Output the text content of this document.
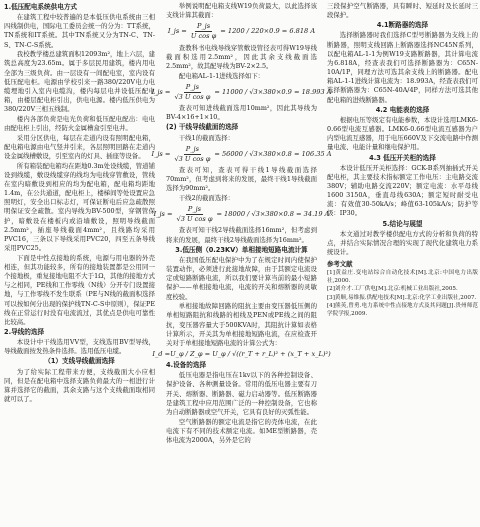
1.低压配电系统供电方式

在建筑工程中较普遍的是本低压供电系统由三相四线制供电，国际电工委员会统一的分为：TT系统，TN系统和IT系统。其中TN系统又分为TN-C、TN-S、TN-C-S系统。

我校教学楼总建筑面积12093m²，地上六层，建筑总高度为23.65m。属于多层民用建筑，楼内用电全部为三级负荷。由一层设有一间配电室，室内设有低压配电柜。电源由学校引来一路380/220V电力电缆埋地引入室内电缆沟，楼内每层电井设低压配电箱，由楼层配电柜引出，供电电源。楼内低压供电为380/220V三相五线制。

楼内各部负荷是电光负荷和低压配电配出：电电由配电柜上引出，经防火金属槽盒引至电井。

采用分区供电，每层在走道内设有照明配电箱，配电箱电源由电气竖井引来，各层照明回路在走道内设金属线槽敷设，引至室内的灯具、插座等设备。

所有箱装配电箱均在距地0.3m处设线缆，管道铺设到线缆，敷设线缆穿的线均为电线穿管敷设，管线在室内暗敷设到相应的均为配电箱，配电箱均距地1.4m，在公共通道，配电柜上，楼梯间等处设置应急照明灯，安全出口标志灯，可保证断电后应急疏散照明保证安全疏散。室内导线为BV-500型，穿钢管保护，暗敷设在楼板内或沿墙敷设，照明导线截面2.5mm²，插座导线截面4mm²，且线路均采用PVC16，三条以下导线采用PVC20，四至五条导线采用PVC25。

下面是中性点接地的系统，电源与用电器的外壳相连，但其功能较多，所有的接地装置都是公用同一个接地极，重复接地电阻不大于1Ω，其他的接地方式与之相同，PE线和工作零线（N线）分开专门设置接地，与工作零线不发生联系（PE与N线的截面积选择可以按如何分出现的保护线TN-C-S中原则），保证PE线在正常运行时没有电流流过，其优点是供电可靠性比较高。

2.导线的选择

本设计中干线选用VV型，支线选用BV型导线，导线截面按发热条件选择。选用低压电缆。

（1）支线导线截面选择

为了给实际工程带来方便，支线截面大小应相同，但是在配电箱中选择支路负荷最大的一相进行计算并选择它的截面，其余支路与这个支线截面取相同就可以了。

举例说明配电箱支线W19负荷最大，以此选择该支线计算其截面：

I_js = $\frac{P\_js}{\text{U cos φ}} = 1200 / 220\times 0.9 = 6.818$ A

查教科书电线导线穿管敷设管径表可得W19导线截面积选用2.5mm²，因此其余支线截面选2.5mm²，故其配导线为BV-2×2.5。

配电箱AL-1-1进线选择如下：

I_js = $\frac{P\_js}{\text{√3 U cos φ}} = 11000 / √3\times 380\times 0.9 = 18.993$ A

查表可知进线截面选用10mm²，因此其导线为BV-4×16+1×10。

(2) 干线导线截面的选择

干线1的截面选择：

I_js = $\frac{P\_js}{\text{√3 U cos φ}} = 56000 / √3\times 380\times 0.8 = 106.35$ A

查表可知，查表可得干线1导线截面选择70mm²，但考虑到将来的发展，最终干线1导线截面选择为90mm²。

干线2的截面选择：

I_js = $\frac{P\_js}{\text{√3 U cos φ}} = 18000 / √3\times 380\times 0.8 = 34.19$ A

查表可知干线2导线截面选择16mm²，但考虑到将来的发展，最终干线2导线截面选择为16mm²。

3.低压侧（0.23KV）单相接地短路电流计算

在我国低压配电保护中为了在规定时间内使保护装置动作，必须进行此接地故障，由于其额定电流设定或短路断路电流，所以我们要计算当前的最小短路保护——单相接地电流，电流的开关和熔断器的灵敏度校验。

单相接地故障回路的阻抗主要由变压器低压侧的单相短路阻抗和线路的相线及PEN或PE线之间的阻抗，变压器容量大于500KVA时，其阻抗计算如表格计算所示，开关其为单相接地短路电流，在应检查开关对于单相接地短路电流的计算公式为：

I_d = U_φ / Z_φ = U_φ / √((r_T + r_L)² + (x_T + x_L)²)
4.设备的选择

低压电器是指电压在1kv以下的各种控制设备、保护设备、各种测量设备。常用的低压电器主要有刀开关、熔断器、断路器、磁力启动器等。低压断路器是建筑工程中应用范围广泛的一种控制设备，它也称为自动断路器或空气开关，它具有良好的灭弧性能。

空气断路器的额定电流是指它的壳体电流，在此电流下有不同的技术额定电流。如ME型断路器，壳体电流为2000A，另外是它的

三段保护空气断路器，具有瞬时、短延时及长延时三段保护。

4.1断路器的选择

选择断路器时我们选择C型号断路器为支线上的断路器，照明支线回路上断路器选择NC45N系列，以配电箱AL-1-1为例W19支路断路器，其计算电流为6.818A，经查表我们可选择断路器为：C65N-10A/1P，同理方法可选其余支线上的断路器。配电箱AL-1-1进线计算电流为：18.993A，经查表我们可选择断路器为：C65N-40A/4P，同样方法可选其他配电箱的进线断路器。

4.2 电能表的选择

根据电压等级定有电能参数，本设计选用LMK6-0.66型电流互感器。LMK6-0.66型电流互感器为户内型电流互感器，用于电压660V及下交流电路中作测量电流、电能计量和继电保护用。

4.3 低压开关柜的选择

本设计低压开关柜选择：GCK-B系列抽插式开关配电柜，其主要技术指标额定工作电压：主电路交流380V；辅助电路交流220V；额定电流：水平母线1600 3150A，垂直母线630A；额定短时耐受电流：有效值30-50kA/s；峰值63-105kA/s；防护等级：IP30。

5.结论与展望

本文通过对教学楼供配电方式的分析和负荷的特点，并结合实际情况合理的实现了现代化建筑电力系统设计。

参考文献

[1]黄益庄.变电站综合自动化技术[M].北京:中国电力出版社,2000.

[2]刘介才.工厂供电[M].北京:机械工业出版社,2005.

[3]黄顺,易维振.供配电技术[M].北京:化学工业出版社,2007.

[4]熊英,曾勇.电力系统中性点接地方式及其问题[J].贵州师范学院学报,2009.
